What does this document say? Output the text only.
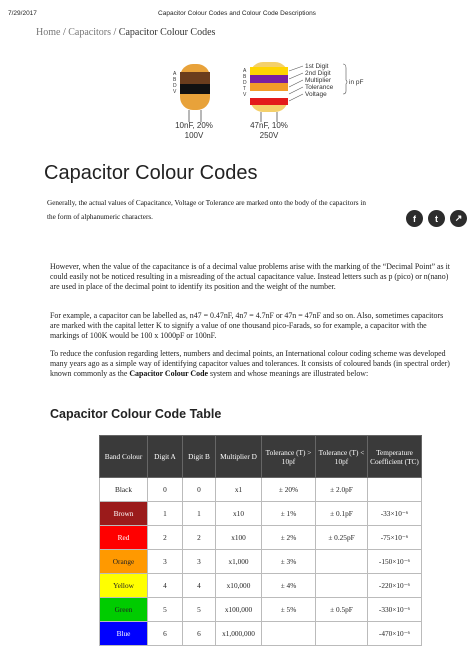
7/29/2017	Capacitor Colour Codes and Colour Code Descriptions
Home / Capacitors / Capacitor Colour Codes
A
B
D
V
10nF, 20%
100V
A
B
D
T
V
47nF, 10%
250V
1st Digit
2nd Digit
Multiplier
Tolerance
Voltage
in pF
Capacitor Colour Codes

Generally, the actual values of Capacitance, Voltage or Tolerance are marked onto the body of the capacitors in the form of alphanumeric characters.	f	t	↗

However, when the value of the capacitance is of a decimal value problems arise with the marking of the “Decimal Point” as it could easily not be noticed resulting in a misreading of the actual capacitance value. Instead letters such as p (pico) or n(nano) are used in place of the decimal point to identify its position and the weight of the number.

For example, a capacitor can be labelled as, n47 = 0.47nF, 4n7 = 4.7nF or 47n = 47nF and so on. Also, sometimes capacitors are marked with the capital letter K to signify a value of one thousand pico-Farads, so for example, a capacitor with the markings of 100K would be 100 x 1000pF or 100nF.

To reduce the confusion regarding letters, numbers and decimal points, an International colour coding scheme was developed many years ago as a simple way of identifying capacitor values and tolerances. It consists of coloured bands (in spectral order) known commonly as the Capacitor Colour Code system and whose meanings are illustrated below:

Capacitor Colour Code Table
Band Colour	Digit A	Digit B	Multiplier D	Tolerance (T) > 10pf	Tolerance (T) < 10pf	Temperature Coefficient (TC)
Black	0	0	x1	± 20%	± 2.0pF	
Brown	1	1	x10	± 1%	± 0.1pF	-33×10⁻⁶
Red	2	2	x100	± 2%	± 0.25pF	-75×10⁻⁶
Orange	3	3	x1,000	± 3%		-150×10⁻⁶
Yellow	4	4	x10,000	± 4%		-220×10⁻⁶
Green	5	5	x100,000	± 5%	± 0.5pF	-330×10⁻⁶
Blue	6	6	x1,000,000			-470×10⁻⁶
